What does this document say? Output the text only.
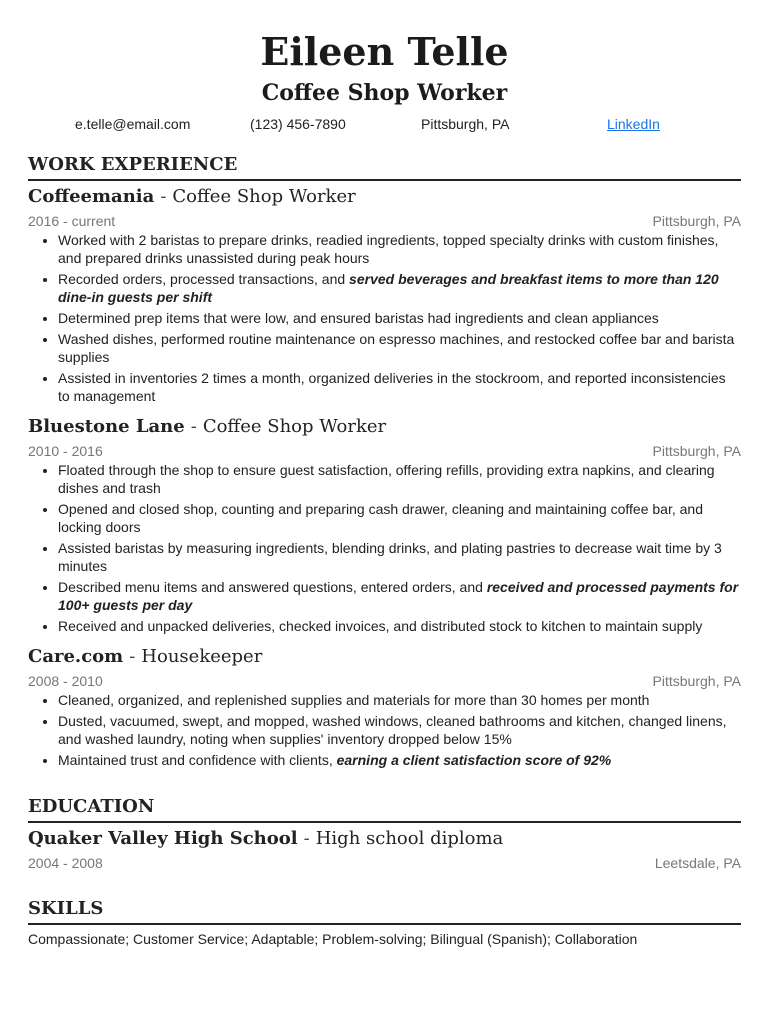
Eileen Telle
Coffee Shop Worker
e.telle@email.com	(123) 456-7890	Pittsburgh, PA	LinkedIn
WORK EXPERIENCE
Coffeemania - Coffee Shop Worker
2016 - current	Pittsburgh, PA
• Worked with 2 baristas to prepare drinks, readied ingredients, topped specialty drinks with custom finishes, and prepared drinks unassisted during peak hours
• Recorded orders, processed transactions, and served beverages and breakfast items to more than 120 dine-in guests per shift
• Determined prep items that were low, and ensured baristas had ingredients and clean appliances
• Washed dishes, performed routine maintenance on espresso machines, and restocked coffee bar and barista supplies
• Assisted in inventories 2 times a month, organized deliveries in the stockroom, and reported inconsistencies to management
Bluestone Lane - Coffee Shop Worker
2010 - 2016	Pittsburgh, PA
• Floated through the shop to ensure guest satisfaction, offering refills, providing extra napkins, and clearing dishes and trash
• Opened and closed shop, counting and preparing cash drawer, cleaning and maintaining coffee bar, and locking doors
• Assisted baristas by measuring ingredients, blending drinks, and plating pastries to decrease wait time by 3 minutes
• Described menu items and answered questions, entered orders, and received and processed payments for 100+ guests per day
• Received and unpacked deliveries, checked invoices, and distributed stock to kitchen to maintain supply
Care.com - Housekeeper
2008 - 2010	Pittsburgh, PA
• Cleaned, organized, and replenished supplies and materials for more than 30 homes per month
• Dusted, vacuumed, swept, and mopped, washed windows, cleaned bathrooms and kitchen, changed linens, and washed laundry, noting when supplies' inventory dropped below 15%
• Maintained trust and confidence with clients, earning a client satisfaction score of 92%
EDUCATION
Quaker Valley High School - High school diploma
2004 - 2008	Leetsdale, PA
SKILLS
Compassionate; Customer Service; Adaptable; Problem-solving; Bilingual (Spanish); Collaboration
